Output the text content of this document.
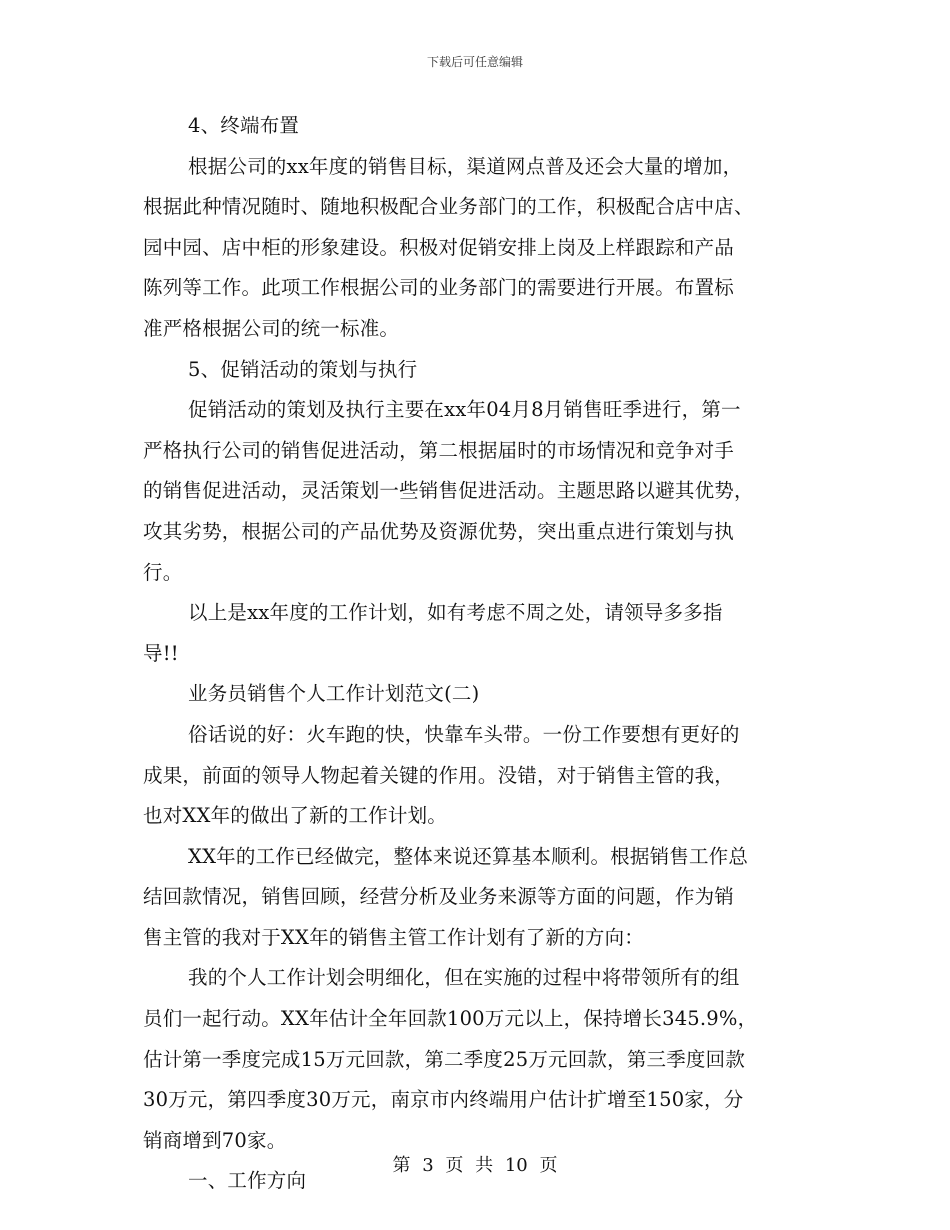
下载后可任意编辑
4、终端布置
根据公司的xx年度的销售目标，渠道网点普及还会大量的增加，
根据此种情况随时、随地积极配合业务部门的工作，积极配合店中店、
园中园、店中柜的形象建设。积极对促销安排上岗及上样跟踪和产品
陈列等工作。此项工作根据公司的业务部门的需要进行开展。布置标
准严格根据公司的统一标准。
5、促销活动的策划与执行
促销活动的策划及执行主要在xx年04月8月销售旺季进行，第一
严格执行公司的销售促进活动，第二根据届时的市场情况和竞争对手
的销售促进活动，灵活策划一些销售促进活动。主题思路以避其优势，
攻其劣势，根据公司的产品优势及资源优势，突出重点进行策划与执
行。
以上是xx年度的工作计划，如有考虑不周之处，请领导多多指
导!!
业务员销售个人工作计划范文(二)
俗话说的好：火车跑的快，快靠车头带。一份工作要想有更好的
成果，前面的领导人物起着关键的作用。没错，对于销售主管的我，
也对XX年的做出了新的工作计划。
XX年的工作已经做完，整体来说还算基本顺利。根据销售工作总
结回款情况，销售回顾，经营分析及业务来源等方面的问题，作为销
售主管的我对于XX年的销售主管工作计划有了新的方向：
我的个人工作计划会明细化，但在实施的过程中将带领所有的组
员们一起行动。XX年估计全年回款100万元以上，保持增长345.9%，
估计第一季度完成15万元回款，第二季度25万元回款，第三季度回款
30万元，第四季度30万元，南京市内终端用户估计扩增至150家，分
销商增到70家。
一、工作方向
第 3 页 共 10 页
